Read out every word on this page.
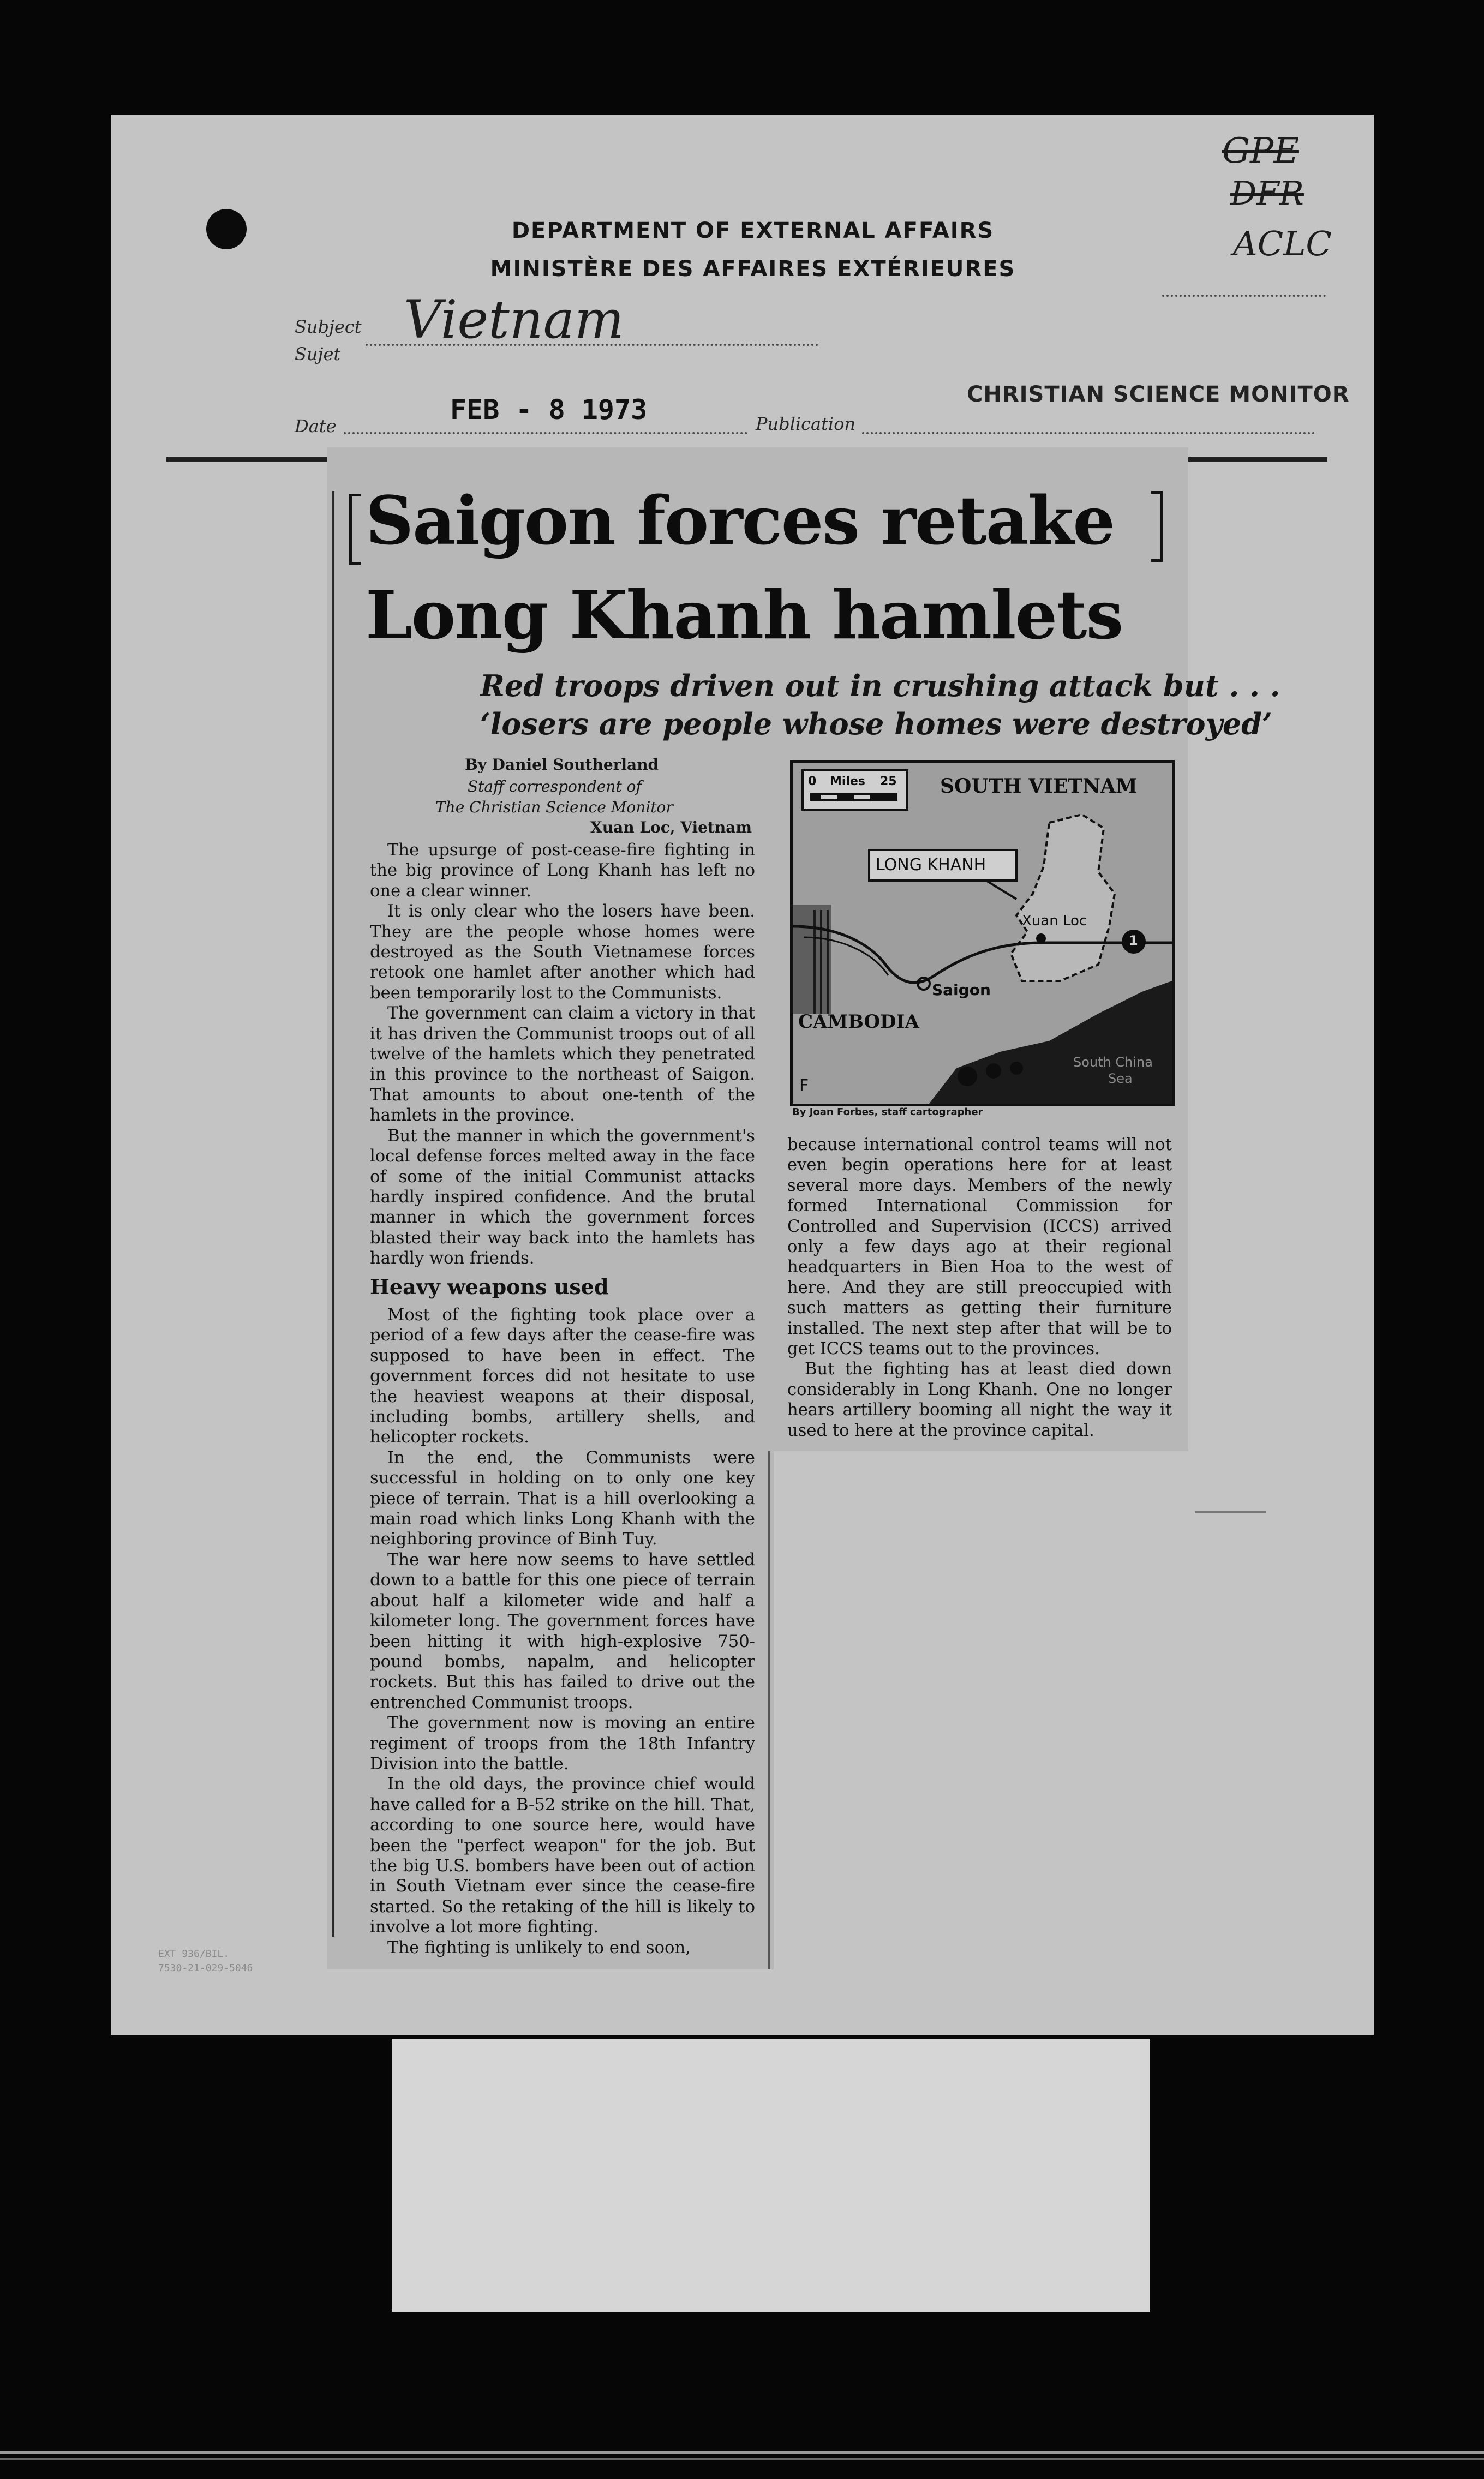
DEPARTMENT OF EXTERNAL AFFAIRS
MINISTÈRE DES AFFAIRES EXTÉRIEURES
GPE
DFR
ACLC
Subject
Sujet
Vietnam
Date
FEB - 8 1973	Publication
CHRISTIAN SCIENCE MONITOR
Saigon forces retake
Long Khanh hamlets
Red troops driven out in crushing attack but . . .
‘losers are people whose homes were destroyed’
By Daniel Southerland
Staff correspondent of
The Christian Science Monitor
Xuan Loc, Vietnam

The upsurge of post-cease-fire fighting in the big province of Long Khanh has left no one a clear winner.

It is only clear who the losers have been. They are the people whose homes were destroyed as the South Vietnamese forces retook one hamlet after another which had been temporarily lost to the Communists.

The government can claim a victory in that it has driven the Communist troops out of all twelve of the hamlets which they penetrated in this province to the northeast of Saigon. That amounts to about one-tenth of the hamlets in the province.

But the manner in which the government's local defense forces melted away in the face of some of the initial Communist attacks hardly inspired confidence. And the brutal manner in which the government forces blasted their way back into the hamlets has hardly won friends.

Heavy weapons used

Most of the fighting took place over a period of a few days after the cease-fire was supposed to have been in effect. The government forces did not hesitate to use the heaviest weapons at their disposal, including bombs, artillery shells, and helicopter rockets.

In the end, the Communists were successful in holding on to only one key piece of terrain. That is a hill overlooking a main road which links Long Khanh with the neighboring province of Binh Tuy.

The war here now seems to have settled down to a battle for this one piece of terrain about half a kilometer wide and half a kilometer long. The government forces have been hitting it with high-explosive 750-pound bombs, napalm, and helicopter rockets. But this has failed to drive out the entrenched Communist troops.

The government now is moving an entire regiment of troops from the 18th Infantry Division into the battle.

In the old days, the province chief would have called for a B-52 strike on the hill. That, according to one source here, would have been the "perfect weapon" for the job. But the big U.S. bombers have been out of action in South Vietnam ever since the cease-fire started. So the retaking of the hill is likely to involve a lot more fighting.

The fighting is unlikely to end soon,

because international control teams will not even begin operations here for at least several more days. Members of the newly formed International Commission for Controlled and Supervision (ICCS) arrived only a few days ago at their regional headquarters in Bien Hoa to the west of here. And they are still preoccupied with such matters as getting their furniture installed. The next step after that will be to get ICCS teams out to the provinces.

But the fighting has at least died down considerably in Long Khanh. One no longer hears artillery booming all night the way it used to here at the province capital.

0 Miles 25 SOUTH VIETNAM
LONG KHANH
Xuan Loc
Saigon
CAMBODIA
South China
Sea
1
F
By Joan Forbes, staff cartographer
EXT 936/BIL.
7530-21-029-5046
